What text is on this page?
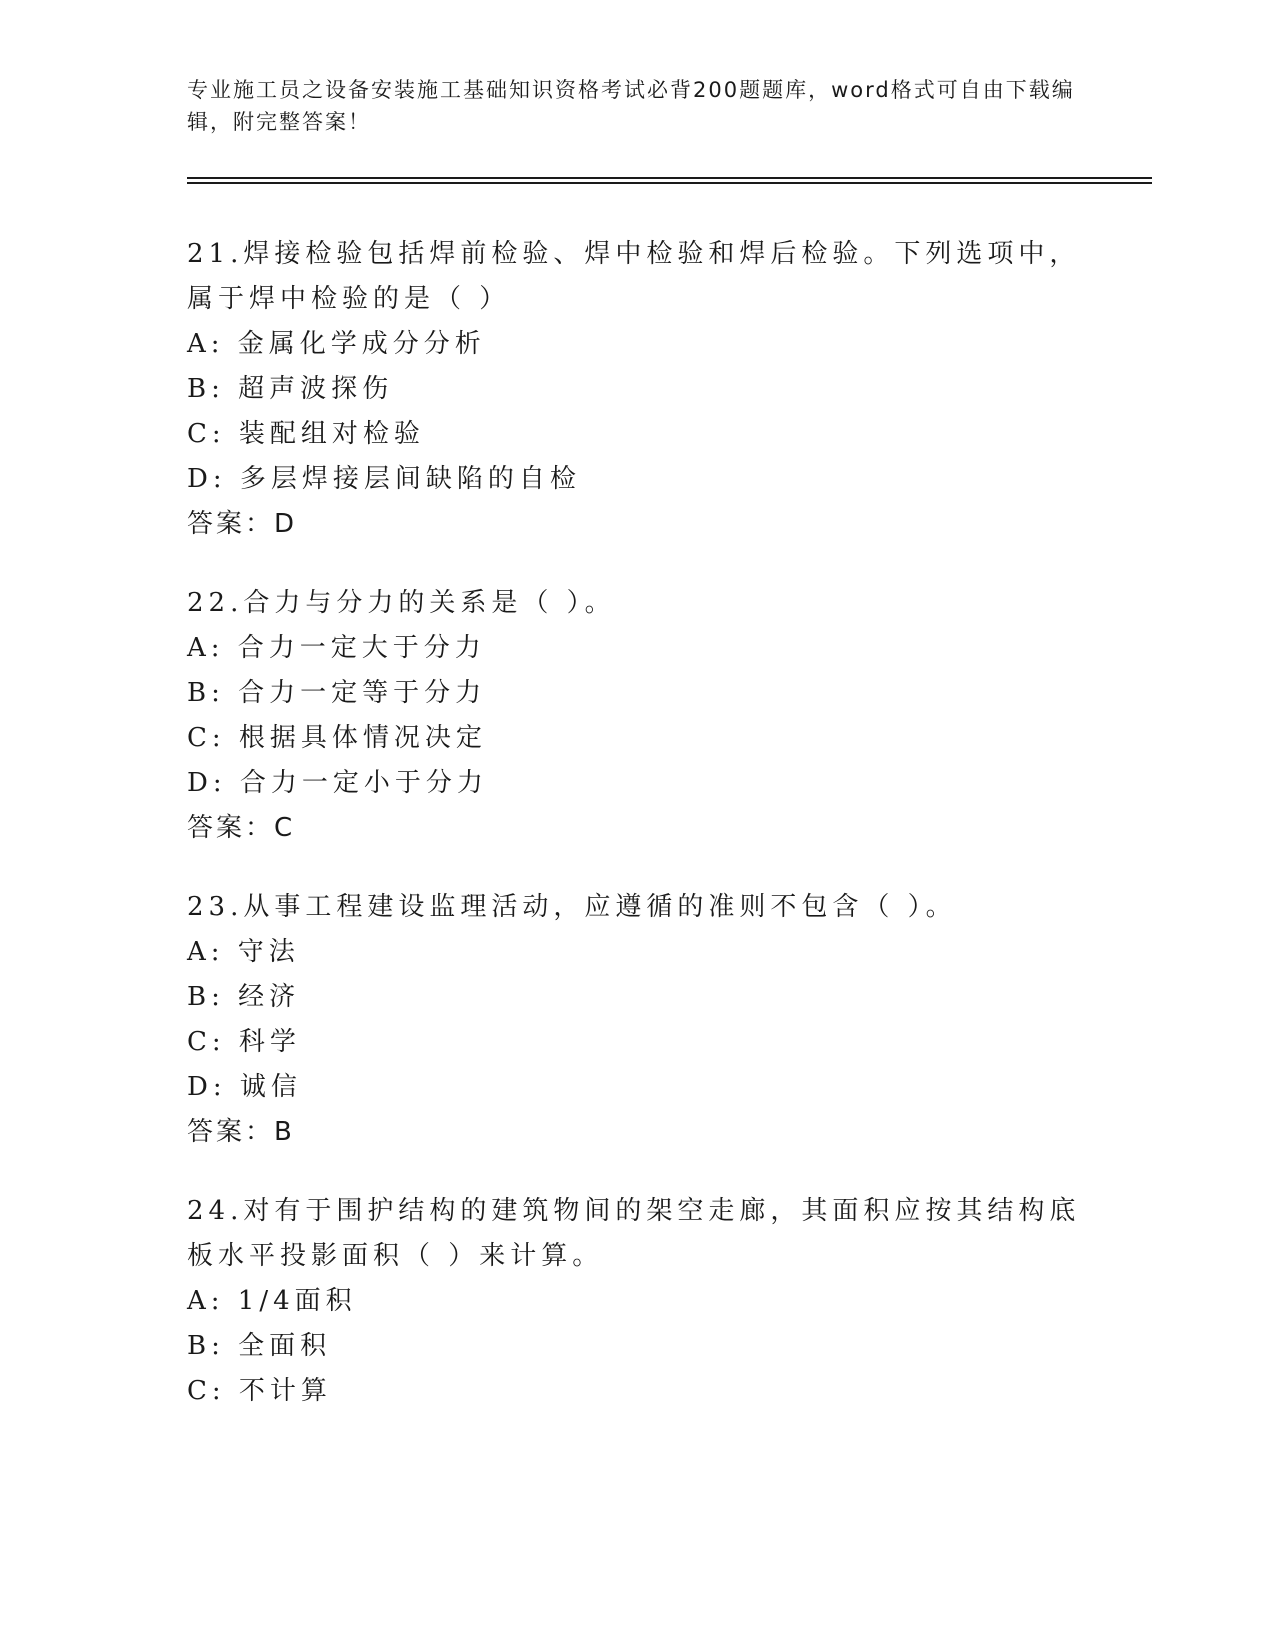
专业施工员之设备安装施工基础知识资格考试必背200题题库，word格式可自由下载编辑，附完整答案！
21.焊接检验包括焊前检验、焊中检验和焊后检验。下列选项中，属于焊中检验的是（ ）
A: 金属化学成分分析
B: 超声波探伤
C: 装配组对检验
D: 多层焊接层间缺陷的自检
答案：D
22.合力与分力的关系是（ ）。
A: 合力一定大于分力
B: 合力一定等于分力
C: 根据具体情况决定
D: 合力一定小于分力
答案：C
23.从事工程建设监理活动，应遵循的准则不包含（ ）。
A: 守法
B: 经济
C: 科学
D: 诚信
答案：B
24.对有于围护结构的建筑物间的架空走廊，其面积应按其结构底板水平投影面积（ ）来计算。
A: 1/4面积
B: 全面积
C: 不计算
